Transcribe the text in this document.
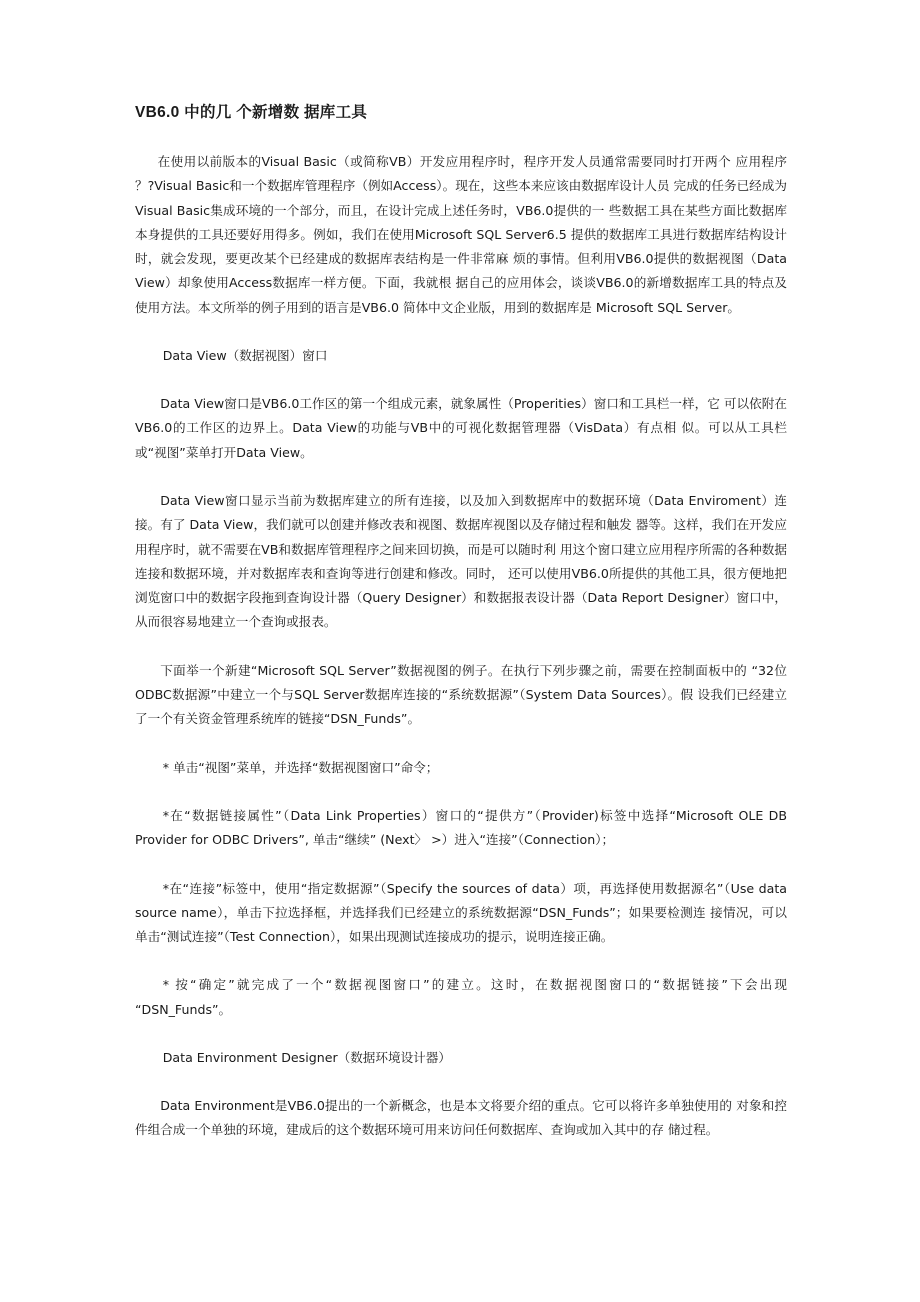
VB6.0 中的几 个新增数 据库工具

在使用以前版本的Visual Basic（或简称VB）开发应用程序时，程序开发人员通常需要同时打开两个 应用程序 ？?Visual Basic和一个数据库管理程序（例如Access）。现在，这些本来应该由数据库设计人员 完成的任务已经成为Visual Basic集成环境的一个部分，而且，在设计完成上述任务时，VB6.0提供的一 些数据工具在某些方面比数据库本身提供的工具还要好用得多。例如，我们在使用Microsoft SQL Server6.5 提供的数据库工具进行数据库结构设计时，就会发现，要更改某个已经建成的数据库表结构是一件非常麻 烦的事情。但利用VB6.0提供的数据视图（Data View）却象使用Access数据库一样方便。下面，我就根 据自己的应用体会，谈谈VB6.0的新增数据库工具的特点及使用方法。本文所举的例子用到的语言是VB6.0 简体中文企业版，用到的数据库是 Microsoft SQL Server。

Data View（数据视图）窗口

Data View窗口是VB6.0工作区的第一个组成元素，就象属性（Properities）窗口和工具栏一样，它 可以依附在VB6.0的工作区的边界上。Data View的功能与VB中的可视化数据管理器（VisData）有点相 似。可以从工具栏或“视图”菜单打开Data View。

Data View窗口显示当前为数据库建立的所有连接，以及加入到数据库中的数据环境（Data Enviroment）连接。有了 Data View，我们就可以创建并修改表和视图、数据库视图以及存储过程和触发 器等。这样，我们在开发应用程序时，就不需要在VB和数据库管理程序之间来回切换，而是可以随时利 用这个窗口建立应用程序所需的各种数据连接和数据环境，并对数据库表和查询等进行创建和修改。同时， 还可以使用VB6.0所提供的其他工具，很方便地把浏览窗口中的数据字段拖到查询设计器（Query Designer）和数据报表设计器（Data Report Designer）窗口中，从而很容易地建立一个查询或报表。

下面举一个新建“Microsoft SQL Server”数据视图的例子。在执行下列步骤之前，需要在控制面板中的 “32位ODBC数据源”中建立一个与SQL Server数据库连接的“系统数据源”（System Data Sources）。假 设我们已经建立了一个有关资金管理系统库的链接“DSN_Funds”。

* 单击“视图”菜单，并选择“数据视图窗口”命令；

*在“数据链接属性”（Data Link Properties）窗口的“提供方”（Provider)标签中选择“Microsoft OLE DB Provider for ODBC Drivers”, 单击“继续” (Next〉 >）进入“连接”（Connection）；

*在“连接”标签中，使用“指定数据源”（Specify the sources of data）项，再选择使用数据源名”（Use data source name），单击下拉选择框，并选择我们已经建立的系统数据源“DSN_Funds”；如果要检测连 接情况，可以单击“测试连接”（Test Connection），如果出现测试连接成功的提示，说明连接正确。

* 按“确定”就完成了一个“数据视图窗口”的建立。这时，在数据视图窗口的“数据链接”下会出现 “DSN_Funds”。

Data Environment Designer（数据环境设计器）

Data Environment是VB6.0提出的一个新概念，也是本文将要介绍的重点。它可以将许多单独使用的 对象和控件组合成一个单独的环境，建成后的这个数据环境可用来访问任何数据库、查询或加入其中的存 储过程。
